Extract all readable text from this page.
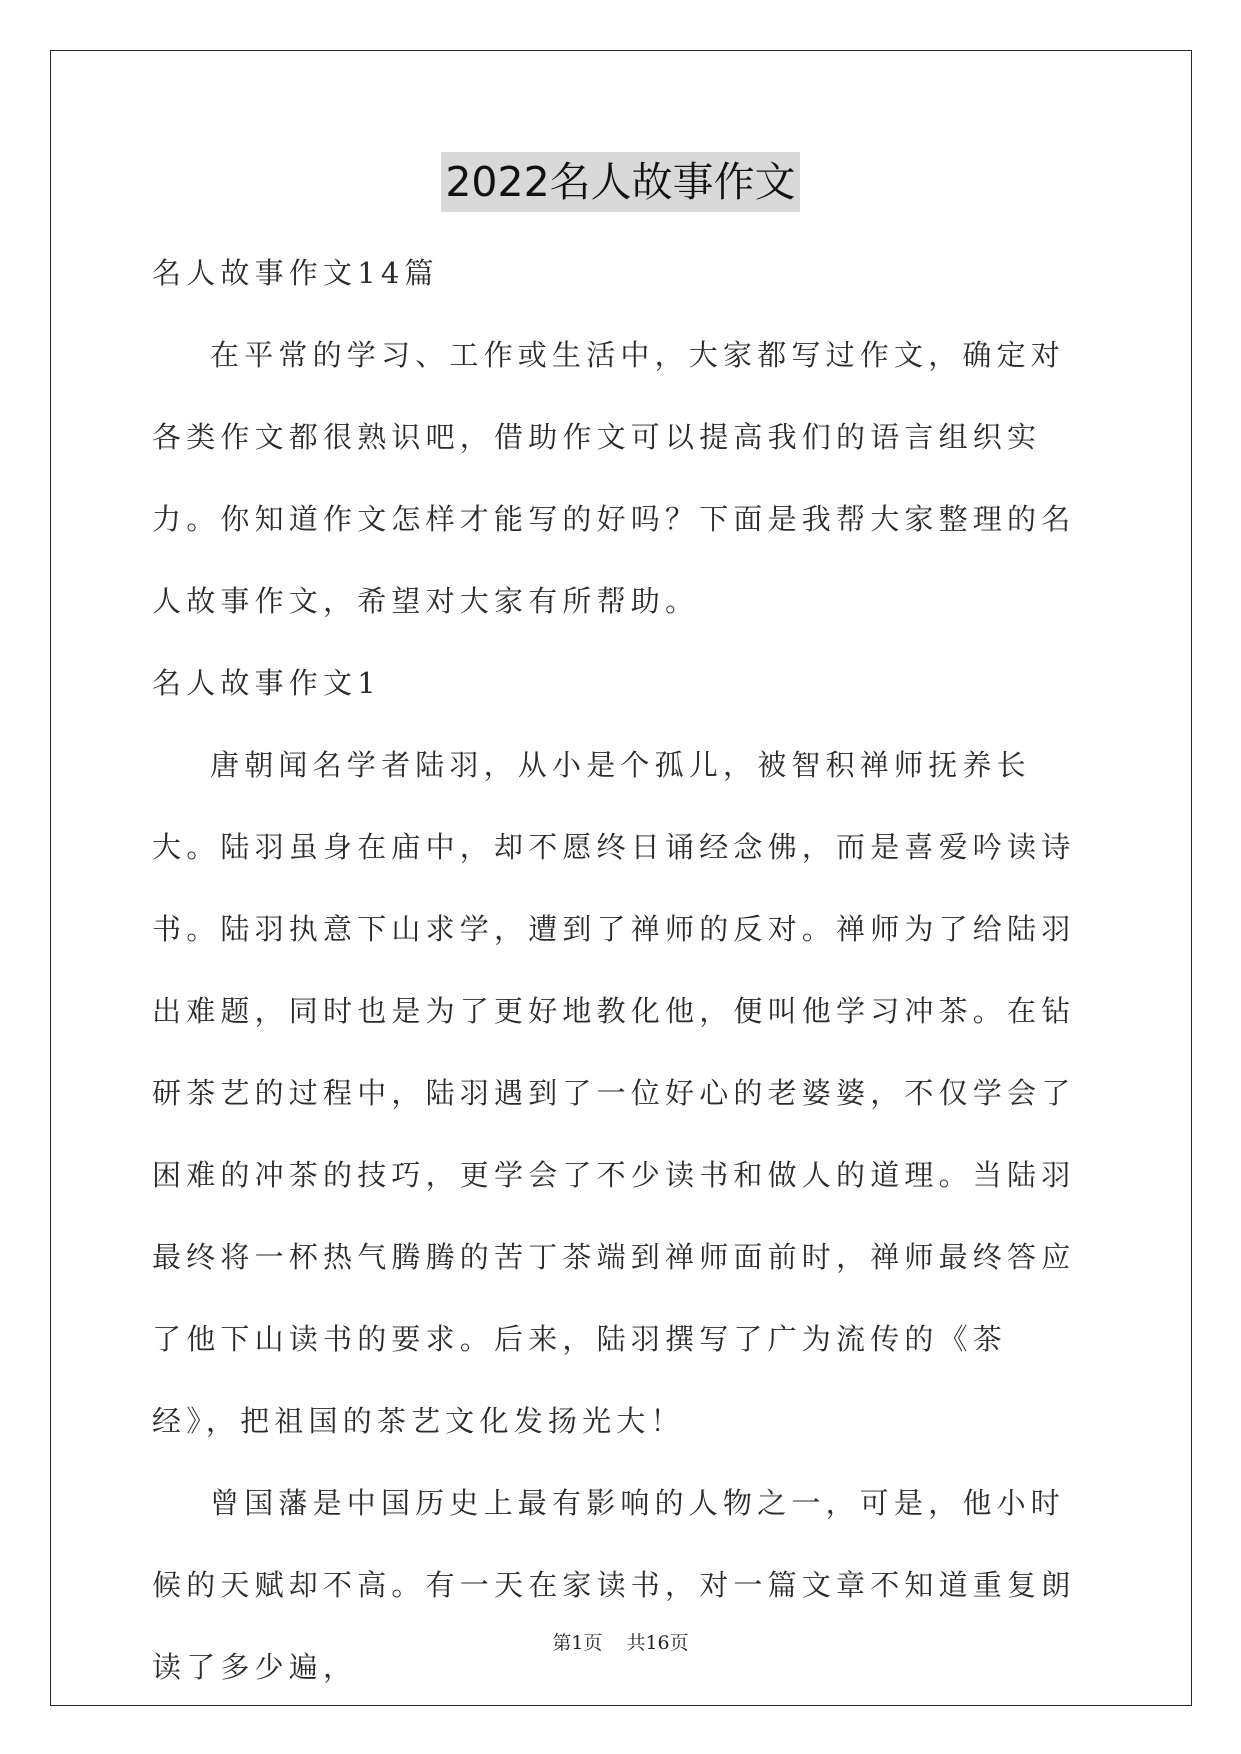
2022名人故事作文

名人故事作文14篇

在平常的学习、工作或生活中，大家都写过作文，确定对各类作文都很熟识吧，借助作文可以提高我们的语言组织实力。你知道作文怎样才能写的好吗？下面是我帮大家整理的名人故事作文，希望对大家有所帮助。

名人故事作文1

唐朝闻名学者陆羽，从小是个孤儿，被智积禅师抚养长大。陆羽虽身在庙中，却不愿终日诵经念佛，而是喜爱吟读诗书。陆羽执意下山求学，遭到了禅师的反对。禅师为了给陆羽出难题，同时也是为了更好地教化他，便叫他学习冲茶。在钻研茶艺的过程中，陆羽遇到了一位好心的老婆婆，不仅学会了困难的冲茶的技巧，更学会了不少读书和做人的道理。当陆羽最终将一杯热气腾腾的苦丁茶端到禅师面前时，禅师最终答应了他下山读书的要求。后来，陆羽撰写了广为流传的《茶经》，把祖国的茶艺文化发扬光大！

曾国藩是中国历史上最有影响的人物之一，可是，他小时候的天赋却不高。有一天在家读书，对一篇文章不知道重复朗读了多少遍，

第1页 共16页
